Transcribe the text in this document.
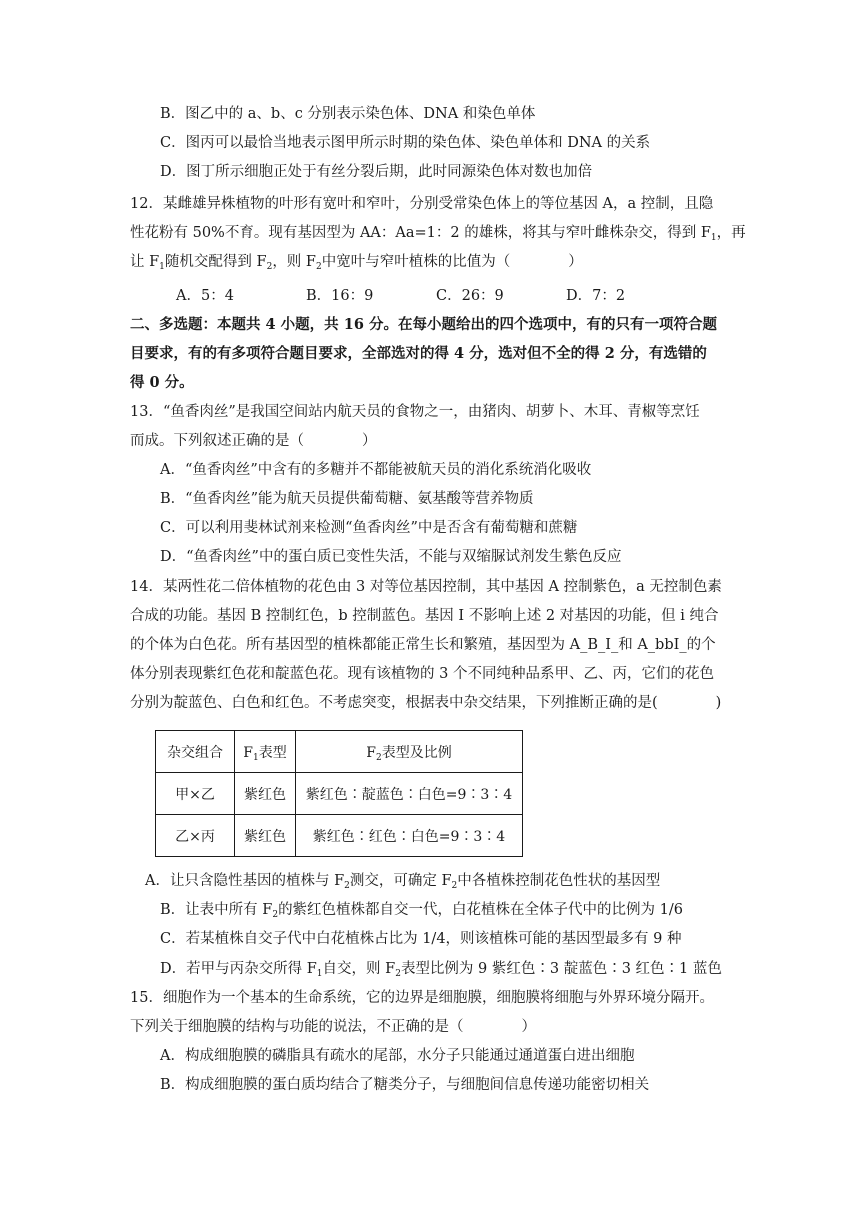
B．图乙中的 a、b、c 分别表示染色体、DNA 和染色单体
C．图丙可以最恰当地表示图甲所示时期的染色体、染色单体和 DNA 的关系
D．图丁所示细胞正处于有丝分裂后期，此时同源染色体对数也加倍
12．某雌雄异株植物的叶形有宽叶和窄叶，分别受常染色体上的等位基因 A，a 控制，且隐
性花粉有 50%不育。现有基因型为 AA：Aa=1：2 的雄株，将其与窄叶雌株杂交，得到 $F_1$，再
让 $F_1$随机交配得到 $F_2$，则 $F_2$中宽叶与窄叶植株的比值为（　　　　）
A．5：4	B．16：9	C．26：9	D．7：2
二、多选题：本题共 4 小题，共 16 分。在每小题给出的四个选项中，有的只有一项符合题
目要求，有的有多项符合题目要求，全部选对的得 4 分，选对但不全的得 2 分，有选错的
得 0 分。
13．“鱼香肉丝”是我国空间站内航天员的食物之一，由猪肉、胡萝卜、木耳、青椒等烹饪
而成。下列叙述正确的是（　　　　）
A．“鱼香肉丝”中含有的多糖并不都能被航天员的消化系统消化吸收
B．“鱼香肉丝”能为航天员提供葡萄糖、氨基酸等营养物质
C．可以利用斐林试剂来检测“鱼香肉丝”中是否含有葡萄糖和蔗糖
D．“鱼香肉丝”中的蛋白质已变性失活，不能与双缩脲试剂发生紫色反应
14．某两性花二倍体植物的花色由 3 对等位基因控制，其中基因 A 控制紫色，a 无控制色素
合成的功能。基因 B 控制红色，b 控制蓝色。基因 I 不影响上述 2 对基因的功能，但 i 纯合
的个体为白色花。所有基因型的植株都能正常生长和繁殖，基因型为 A_B_I_和 A_bbI_的个
体分别表现紫红色花和靛蓝色花。现有该植物的 3 个不同纯种品系甲、乙、丙，它们的花色
分别为靛蓝色、白色和红色。不考虑突变，根据表中杂交结果，下列推断正确的是(　　　　)
杂交组合	$F_1$表型	$F_2$表型及比例
甲×乙	紫红色	紫红色∶靛蓝色∶白色=9∶3∶4
乙×丙	紫红色	紫红色∶红色∶白色=9∶3∶4
A．让只含隐性基因的植株与 $F_2$测交，可确定 $F_2$中各植株控制花色性状的基因型
B．让表中所有 $F_2$的紫红色植株都自交一代，白花植株在全体子代中的比例为 1/6
C．若某植株自交子代中白花植株占比为 1/4，则该植株可能的基因型最多有 9 种
D．若甲与丙杂交所得 $F_1$自交，则 $F_2$表型比例为 9 紫红色∶3 靛蓝色∶3 红色∶1 蓝色
15．细胞作为一个基本的生命系统，它的边界是细胞膜，细胞膜将细胞与外界环境分隔开。
下列关于细胞膜的结构与功能的说法，不正确的是（　　　　）
A．构成细胞膜的磷脂具有疏水的尾部，水分子只能通过通道蛋白进出细胞
B．构成细胞膜的蛋白质均结合了糖类分子，与细胞间信息传递功能密切相关
